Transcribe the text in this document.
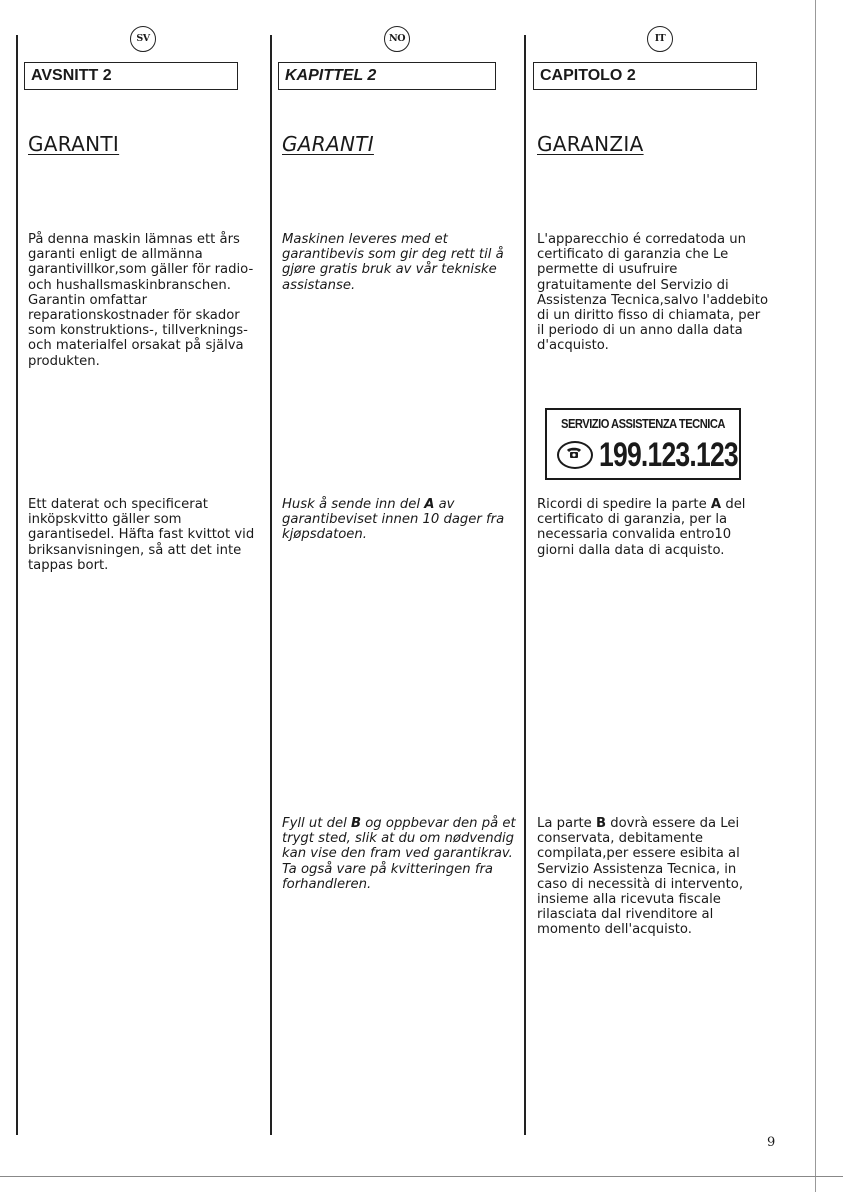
SV
AVSNITT 2
GARANTI

På denna maskin lämnas ett års garanti enligt de allmänna garantivillkor,som gäller för radio- och hushallsmaskinbranschen. Garantin omfattar reparationskostnader för skador som konstruktions-, tillverknings- och materialfel orsakat på själva produkten.

Ett daterat och specificerat inköpskvitto gäller som garantisedel. Häfta fast kvittot vid briksanvisningen, så att det inte tappas bort.

NO
KAPITTEL 2
GARANTI

Maskinen leveres med et garantibevis som gir deg rett til å gjøre gratis bruk av vår tekniske assistanse.

Husk å sende inn del A av garantibeviset innen 10 dager fra kjøpsdatoen.

Fyll ut del B og oppbevar den på et trygt sted, slik at du om nødvendig kan vise den fram ved garantikrav. Ta også vare på kvitteringen fra forhandleren.

IT
CAPITOLO 2
GARANZIA

L'apparecchio é corredatoda un certificato di garanzia che Le permette di usufruire gratuitamente del Servizio di Assistenza Tecnica,salvo l'addebito di un diritto fisso di chiamata, per il periodo di un anno dalla data d'acquisto.

SERVIZIO ASSISTENZA TECNICA
199.123.123

Ricordi di spedire la parte A del certificato di garanzia, per la necessaria convalida entro10 giorni dalla data di acquisto.

La parte B dovrà essere da Lei conservata, debitamente compilata,per essere esibita al Servizio Assistenza Tecnica, in caso di necessità di intervento, insieme alla ricevuta fiscale rilasciata dal rivenditore al momento dell'acquisto.

9
